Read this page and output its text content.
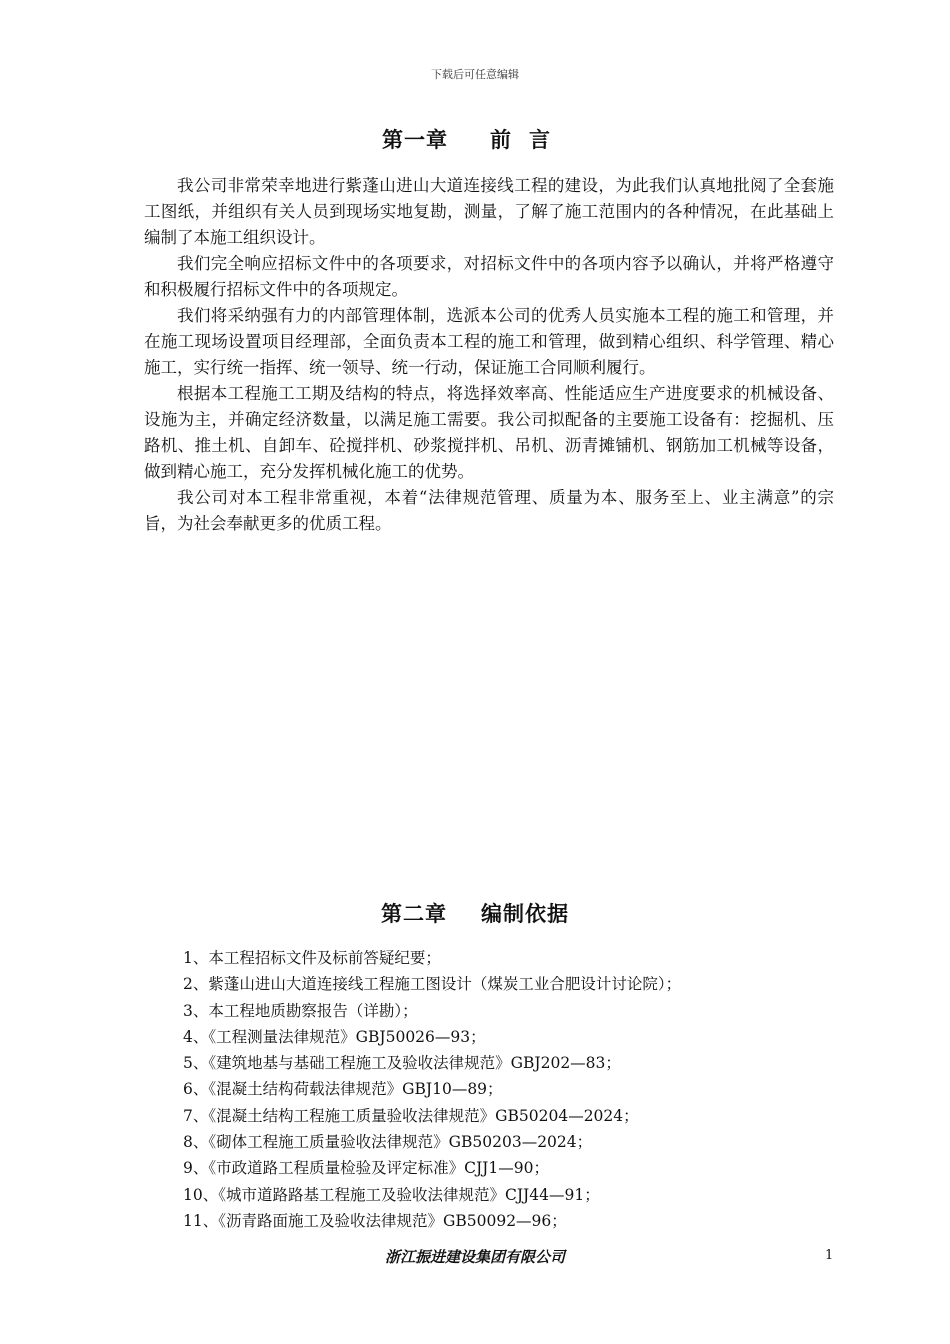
下载后可任意编辑
第一章 前言

我公司非常荣幸地进行紫蓬山进山大道连接线工程的建设，为此我们认真地批阅了全套施工图纸，并组织有关人员到现场实地复勘，测量，了解了施工范围内的各种情况，在此基础上编制了本施工组织设计。

我们完全响应招标文件中的各项要求，对招标文件中的各项内容予以确认，并将严格遵守和积极履行招标文件中的各项规定。

我们将采纳强有力的内部管理体制，选派本公司的优秀人员实施本工程的施工和管理，并在施工现场设置项目经理部，全面负责本工程的施工和管理，做到精心组织、科学管理、精心施工，实行统一指挥、统一领导、统一行动，保证施工合同顺利履行。

根据本工程施工工期及结构的特点，将选择效率高、性能适应生产进度要求的机械设备、设施为主，并确定经济数量，以满足施工需要。我公司拟配备的主要施工设备有：挖掘机、压路机、推土机、自卸车、砼搅拌机、砂浆搅拌机、吊机、沥青摊铺机、钢筋加工机械等设备，做到精心施工，充分发挥机械化施工的优势。

我公司对本工程非常重视，本着“法律规范管理、质量为本、服务至上、业主满意”的宗旨，为社会奉献更多的优质工程。

第二章 编制依据
1、本工程招标文件及标前答疑纪要；
2、紫蓬山进山大道连接线工程施工图设计（煤炭工业合肥设计讨论院）；
3、本工程地质勘察报告（详勘）；
4、《工程测量法律规范》GBJ50026—93；
5、《建筑地基与基础工程施工及验收法律规范》GBJ202—83；
6、《混凝土结构荷载法律规范》GBJ10—89；
7、《混凝土结构工程施工质量验收法律规范》GB50204—2024；
8、《砌体工程施工质量验收法律规范》GB50203—2024；
9、《市政道路工程质量检验及评定标准》CJJ1—90；
10、《城市道路路基工程施工及验收法律规范》CJJ44—91；
11、《沥青路面施工及验收法律规范》GB50092—96；
浙江振进建设集团有限公司	1
